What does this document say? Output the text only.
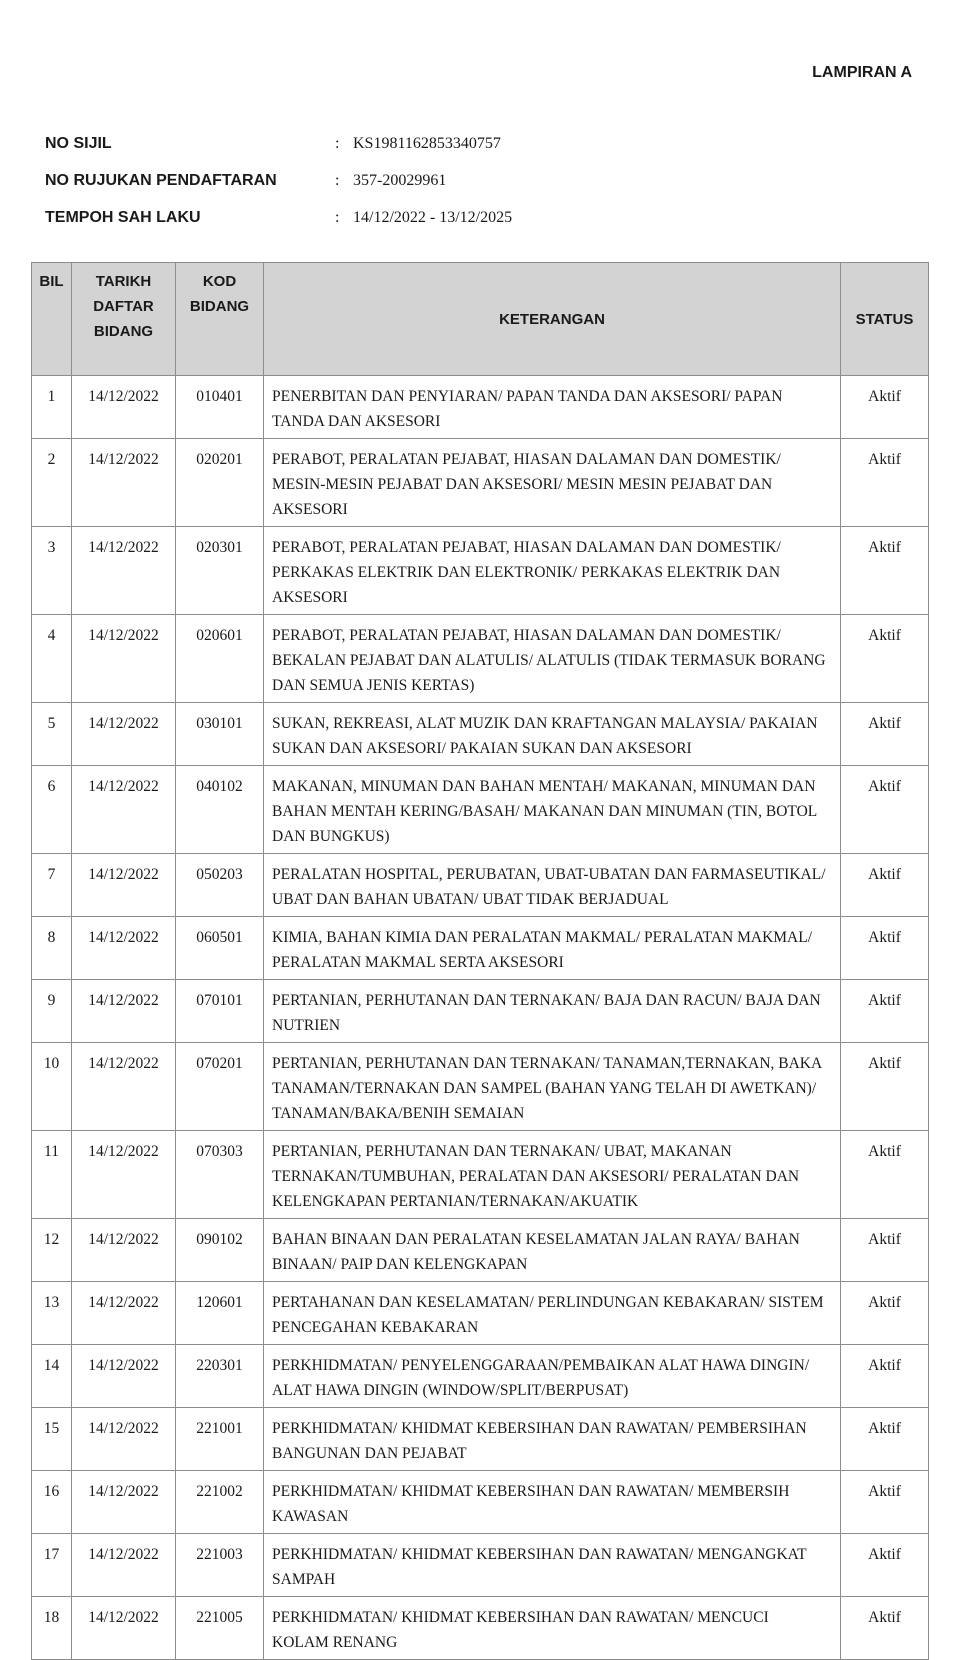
LAMPIRAN A
NO SIJIL	: KS1981162853340757
NO RUJUKAN PENDAFTARAN	: 357-20029961
TEMPOH SAH LAKU	: 14/12/2022 - 13/12/2025
BIL	TARIKH DAFTAR BIDANG	KOD BIDANG	KETERANGAN	STATUS
1	14/12/2022	010401	PENERBITAN DAN PENYIARAN/ PAPAN TANDA DAN AKSESORI/ PAPAN TANDA DAN AKSESORI	Aktif
2	14/12/2022	020201	PERABOT, PERALATAN PEJABAT, HIASAN DALAMAN DAN DOMESTIK/ MESIN-MESIN PEJABAT DAN AKSESORI/ MESIN MESIN PEJABAT DAN AKSESORI	Aktif
3	14/12/2022	020301	PERABOT, PERALATAN PEJABAT, HIASAN DALAMAN DAN DOMESTIK/ PERKAKAS ELEKTRIK DAN ELEKTRONIK/ PERKAKAS ELEKTRIK DAN AKSESORI	Aktif
4	14/12/2022	020601	PERABOT, PERALATAN PEJABAT, HIASAN DALAMAN DAN DOMESTIK/ BEKALAN PEJABAT DAN ALATULIS/ ALATULIS (TIDAK TERMASUK BORANG DAN SEMUA JENIS KERTAS)	Aktif
5	14/12/2022	030101	SUKAN, REKREASI, ALAT MUZIK DAN KRAFTANGAN MALAYSIA/ PAKAIAN SUKAN DAN AKSESORI/ PAKAIAN SUKAN DAN AKSESORI	Aktif
6	14/12/2022	040102	MAKANAN, MINUMAN DAN BAHAN MENTAH/ MAKANAN, MINUMAN DAN BAHAN MENTAH KERING/BASAH/ MAKANAN DAN MINUMAN (TIN, BOTOL DAN BUNGKUS)	Aktif
7	14/12/2022	050203	PERALATAN HOSPITAL, PERUBATAN, UBAT-UBATAN DAN FARMASEUTIKAL/ UBAT DAN BAHAN UBATAN/ UBAT TIDAK BERJADUAL	Aktif
8	14/12/2022	060501	KIMIA, BAHAN KIMIA DAN PERALATAN MAKMAL/ PERALATAN MAKMAL/ PERALATAN MAKMAL SERTA AKSESORI	Aktif
9	14/12/2022	070101	PERTANIAN, PERHUTANAN DAN TERNAKAN/ BAJA DAN RACUN/ BAJA DAN NUTRIEN	Aktif
10	14/12/2022	070201	PERTANIAN, PERHUTANAN DAN TERNAKAN/ TANAMAN,TERNAKAN, BAKA TANAMAN/TERNAKAN DAN SAMPEL (BAHAN YANG TELAH DI AWETKAN)/ TANAMAN/BAKA/BENIH SEMAIAN	Aktif
11	14/12/2022	070303	PERTANIAN, PERHUTANAN DAN TERNAKAN/ UBAT, MAKANAN TERNAKAN/TUMBUHAN, PERALATAN DAN AKSESORI/ PERALATAN DAN KELENGKAPAN PERTANIAN/TERNAKAN/AKUATIK	Aktif
12	14/12/2022	090102	BAHAN BINAAN DAN PERALATAN KESELAMATAN JALAN RAYA/ BAHAN BINAAN/ PAIP DAN KELENGKAPAN	Aktif
13	14/12/2022	120601	PERTAHANAN DAN KESELAMATAN/ PERLINDUNGAN KEBAKARAN/ SISTEM PENCEGAHAN KEBAKARAN	Aktif
14	14/12/2022	220301	PERKHIDMATAN/ PENYELENGGARAAN/PEMBAIKAN ALAT HAWA DINGIN/ ALAT HAWA DINGIN (WINDOW/SPLIT/BERPUSAT)	Aktif
15	14/12/2022	221001	PERKHIDMATAN/ KHIDMAT KEBERSIHAN DAN RAWATAN/ PEMBERSIHAN BANGUNAN DAN PEJABAT	Aktif
16	14/12/2022	221002	PERKHIDMATAN/ KHIDMAT KEBERSIHAN DAN RAWATAN/ MEMBERSIH KAWASAN	Aktif
17	14/12/2022	221003	PERKHIDMATAN/ KHIDMAT KEBERSIHAN DAN RAWATAN/ MENGANGKAT SAMPAH	Aktif
18	14/12/2022	221005	PERKHIDMATAN/ KHIDMAT KEBERSIHAN DAN RAWATAN/ MENCUCI KOLAM RENANG	Aktif
